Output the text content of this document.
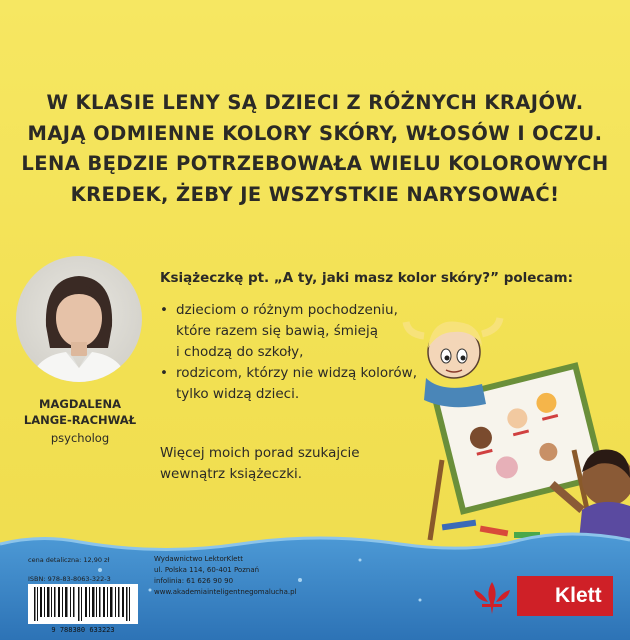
W KLASIE LENY SĄ DZIECI Z RÓŻNYCH KRAJÓW.
MAJĄ ODMIENNE KOLORY SKÓRY, WŁOSÓW I OCZU.
LENA BĘDZIE POTRZEBOWAŁA WIELU KOLOROWYCH
KREDEK, ŻEBY JE WSZYSTKIE NARYSOWAĆ!
MAGDALENA
LANGE-RACHWAŁ
psycholog
Książeczkę pt. „A ty, jaki masz kolor skóry?” polecam:
• dzieciom o różnym pochodzeniu,
które razem się bawią, śmieją
i chodzą do szkoły,
• rodzicom, którzy nie widzą kolorów,
tylko widzą dzieci.
Więcej moich porad szukajcie
wewnątrz książeczki.
cena detaliczna: 12,90 zł
ISBN: 978-83-8063-322-3
9 788380 633223
Wydawnictwo LektorKlett
ul. Polska 114, 60-401 Poznań
infolinia: 61 626 90 90
www.akademiainteligentnegomalucha.pl	Klett
